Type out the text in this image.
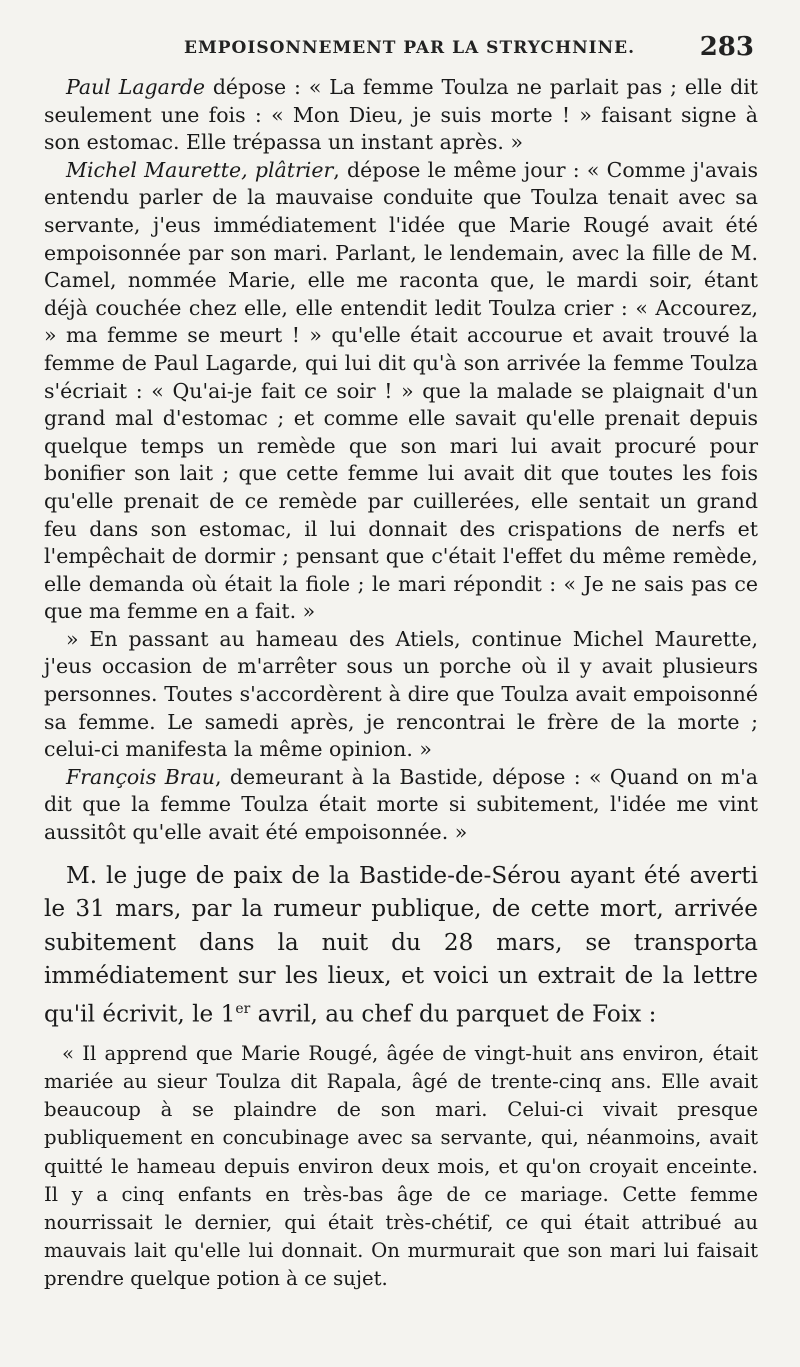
EMPOISONNEMENT PAR LA STRYCHNINE. 283

Paul Lagarde dépose : « La femme Toulza ne parlait pas ; elle dit seulement une fois : « Mon Dieu, je suis morte ! » faisant signe à son estomac. Elle trépassa un instant après. »

Michel Maurette, plâtrier, dépose le même jour : « Comme j'avais entendu parler de la mauvaise conduite que Toulza tenait avec sa servante, j'eus immédiatement l'idée que Marie Rougé avait été empoisonnée par son mari. Parlant, le lendemain, avec la fille de M. Camel, nommée Marie, elle me raconta que, le mardi soir, étant déjà couchée chez elle, elle entendit ledit Toulza crier : « Accourez, » ma femme se meurt ! » qu'elle était accourue et avait trouvé la femme de Paul Lagarde, qui lui dit qu'à son arrivée la femme Toulza s'écriait : « Qu'ai-je fait ce soir ! » que la malade se plaignait d'un grand mal d'estomac ; et comme elle savait qu'elle prenait depuis quelque temps un remède que son mari lui avait procuré pour bonifier son lait ; que cette femme lui avait dit que toutes les fois qu'elle prenait de ce remède par cuillerées, elle sentait un grand feu dans son estomac, il lui donnait des crispations de nerfs et l'empêchait de dormir ; pensant que c'était l'effet du même remède, elle demanda où était la fiole ; le mari répondit : « Je ne sais pas ce que ma femme en a fait. »

» En passant au hameau des Atiels, continue Michel Maurette, j'eus occasion de m'arrêter sous un porche où il y avait plusieurs personnes. Toutes s'accordèrent à dire que Toulza avait empoisonné sa femme. Le samedi après, je rencontrai le frère de la morte ; celui-ci manifesta la même opinion. »

François Brau, demeurant à la Bastide, dépose : « Quand on m'a dit que la femme Toulza était morte si subitement, l'idée me vint aussitôt qu'elle avait été empoisonnée. »

M. le juge de paix de la Bastide-de-Sérou ayant été averti le 31 mars, par la rumeur publique, de cette mort, arrivée subitement dans la nuit du 28 mars, se transporta immédiatement sur les lieux, et voici un extrait de la lettre qu'il écrivit, le 1er avril, au chef du parquet de Foix :

« Il apprend que Marie Rougé, âgée de vingt-huit ans environ, était mariée au sieur Toulza dit Rapala, âgé de trente-cinq ans. Elle avait beaucoup à se plaindre de son mari. Celui-ci vivait presque publiquement en concubinage avec sa servante, qui, néanmoins, avait quitté le hameau depuis environ deux mois, et qu'on croyait enceinte. Il y a cinq enfants en très-bas âge de ce mariage. Cette femme nourrissait le dernier, qui était très-chétif, ce qui était attribué au mauvais lait qu'elle lui donnait. On murmurait que son mari lui faisait prendre quelque potion à ce sujet.
